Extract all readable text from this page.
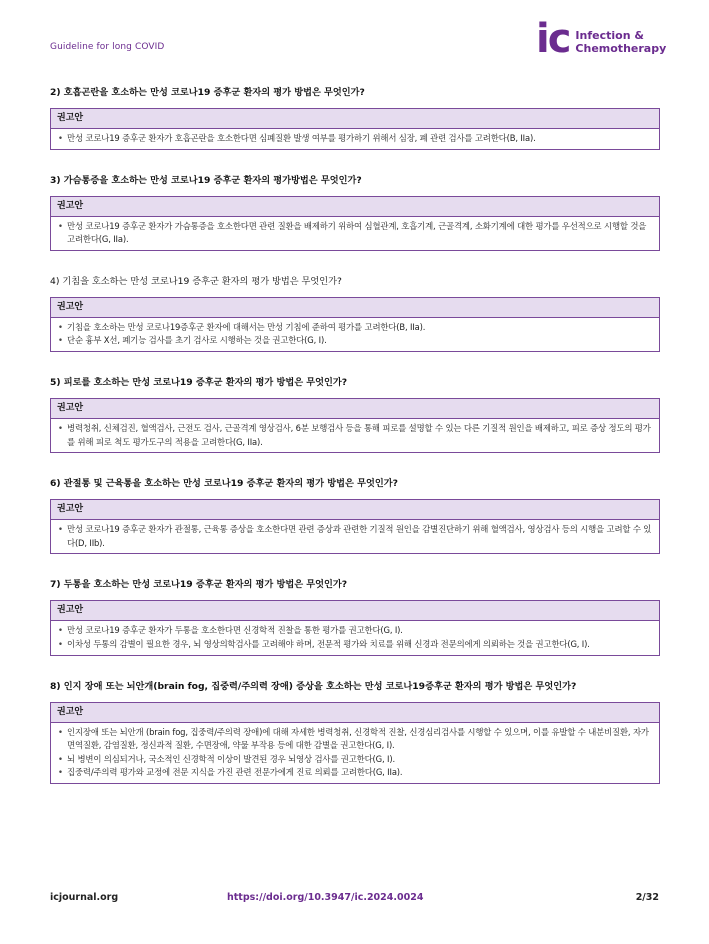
Guideline for long COVID	ic Infection &
Chemotherapy
2) 호흡곤란을 호소하는 만성 코로나19 증후군 환자의 평가 방법은 무엇인가?
권고안
• 만성 코로나19 증후군 환자가 호흡곤란을 호소한다면 심폐질환 발생 여부를 평가하기 위해서 심장, 폐 관련 검사를 고려한다(B, IIa).
3) 가슴통증을 호소하는 만성 코로나19 증후군 환자의 평가방법은 무엇인가?
권고안
• 만성 코로나19 증후군 환자가 가슴통증을 호소한다면 관련 질환을 배제하기 위하여 심혈관계, 호흡기계, 근골격계, 소화기계에 대한 평가를 우선적으로 시행할 것을 고려한다(G, IIa).
4) 기침을 호소하는 만성 코로나19 증후군 환자의 평가 방법은 무엇인가?
권고안
• 기침을 호소하는 만성 코로나19증후군 환자에 대해서는 만성 기침에 준하여 평가를 고려한다(B, IIa).
• 단순 흉부 X선, 폐기능 검사를 초기 검사로 시행하는 것을 권고한다(G, I).
5) 피로를 호소하는 만성 코로나19 증후군 환자의 평가 방법은 무엇인가?
권고안
• 병력청취, 신체검진, 혈액검사, 근전도 검사, 근골격계 영상검사, 6분 보행검사 등을 통해 피로를 설명할 수 있는 다른 기질적 원인을 배제하고, 피로 증상 정도의 평가를 위해 피로 척도 평가도구의 적용을 고려한다(G, IIa).
6) 관절통 및 근육통을 호소하는 만성 코로나19 증후군 환자의 평가 방법은 무엇인가?
권고안
• 만성 코로나19 증후군 환자가 관절통, 근육통 증상을 호소한다면 관련 증상과 관련한 기질적 원인을 감별진단하기 위해 혈액검사, 영상검사 등의 시행을 고려할 수 있다(D, IIb).
7) 두통을 호소하는 만성 코로나19 증후군 환자의 평가 방법은 무엇인가?
권고안
• 만성 코로나19 증후군 환자가 두통을 호소한다면 신경학적 진찰을 통한 평가를 권고한다(G, I).
• 이차성 두통의 감별이 필요한 경우, 뇌 영상의학검사를 고려해야 하며, 전문적 평가와 치료를 위해 신경과 전문의에게 의뢰하는 것을 권고한다(G, I).
8) 인지 장애 또는 뇌안개(brain fog, 집중력/주의력 장애) 증상을 호소하는 만성 코로나19증후군 환자의 평가 방법은 무엇인가?
권고안
• 인지장애 또는 뇌안개 (brain fog, 집중력/주의력 장애)에 대해 자세한 병력청취, 신경학적 진찰, 신경심리검사를 시행할 수 있으며, 이를 유발할 수 내분비질환, 자가면역질환, 감염질환, 정신과적 질환, 수면장애, 약물 부작용 등에 대한 감별을 권고한다(G, I).
• 뇌 병변이 의심되거나, 국소적인 신경학적 이상이 발견된 경우 뇌영상 검사를 권고한다(G, I).
• 집중력/주의력 평가와 교정에 전문 지식을 가진 관련 전문가에게 진료 의뢰를 고려한다(G, IIa).
icjournal.org	https://doi.org/10.3947/ic.2024.0024	2/32
